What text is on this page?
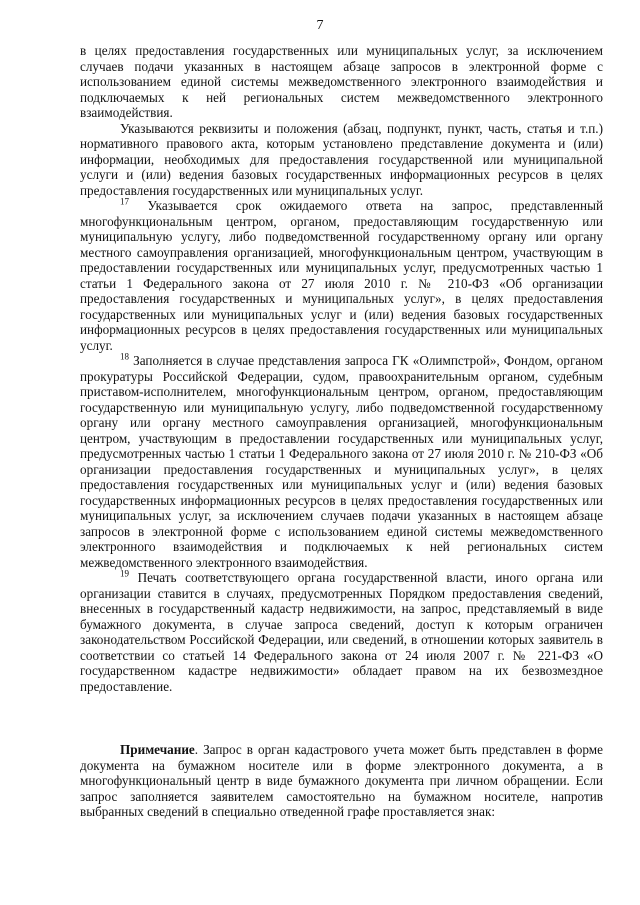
7

в целях предоставления государственных или муниципальных услуг, за исключением случаев подачи указанных в настоящем абзаце запросов в электронной форме с использованием единой системы межведомственного электронного взаимодействия и подключаемых к ней региональных систем межведомственного электронного взаимодействия.

Указываются реквизиты и положения (абзац, подпункт, пункт, часть, статья и т.п.) нормативного правового акта, которым установлено представление документа и (или) информации, необходимых для предоставления государственной или муниципальной услуги и (или) ведения базовых государственных информационных ресурсов в целях предоставления государственных или муниципальных услуг.

$^{17}$ Указывается срок ожидаемого ответа на запрос, представленный многофункциональным центром, органом, предоставляющим государственную или муниципальную услугу, либо подведомственной государственному органу или органу местного самоуправления организацией, многофункциональным центром, участвующим в предоставлении государственных или муниципальных услуг, предусмотренных частью 1 статьи 1 Федерального закона от 27 июля 2010 г. № 210-ФЗ «Об организации предоставления государственных и муниципальных услуг», в целях предоставления государственных или муниципальных услуг и (или) ведения базовых государственных информационных ресурсов в целях предоставления государственных или муниципальных услуг.

$^{18}$ Заполняется в случае представления запроса ГК «Олимпстрой», Фондом, органом прокуратуры Российской Федерации, судом, правоохранительным органом, судебным приставом-исполнителем, многофункциональным центром, органом, предоставляющим государственную или муниципальную услугу, либо подведомственной государственному органу или органу местного самоуправления организацией, многофункциональным центром, участвующим в предоставлении государственных или муниципальных услуг, предусмотренных частью 1 статьи 1 Федерального закона от 27 июля 2010 г. № 210-ФЗ «Об организации предоставления государственных и муниципальных услуг», в целях предоставления государственных или муниципальных услуг и (или) ведения базовых государственных информационных ресурсов в целях предоставления государственных или муниципальных услуг, за исключением случаев подачи указанных в настоящем абзаце запросов в электронной форме с использованием единой системы межведомственного электронного взаимодействия и подключаемых к ней региональных систем межведомственного электронного взаимодействия.

$^{19}$ Печать соответствующего органа государственной власти, иного органа или организации ставится в случаях, предусмотренных Порядком предоставления сведений, внесенных в государственный кадастр недвижимости, на запрос, представляемый в виде бумажного документа, в случае запроса сведений, доступ к которым ограничен законодательством Российской Федерации, или сведений, в отношении которых заявитель в соответствии со статьей 14 Федерального закона от 24 июля 2007 г. № 221-ФЗ «О государственном кадастре недвижимости» обладает правом на их безвозмездное предоставление.

Примечание. Запрос в орган кадастрового учета может быть представлен в форме документа на бумажном носителе или в форме электронного документа, а в многофункциональный центр в виде бумажного документа при личном обращении. Если запрос заполняется заявителем самостоятельно на бумажном носителе, напротив выбранных сведений в специально отведенной графе проставляется знак:
